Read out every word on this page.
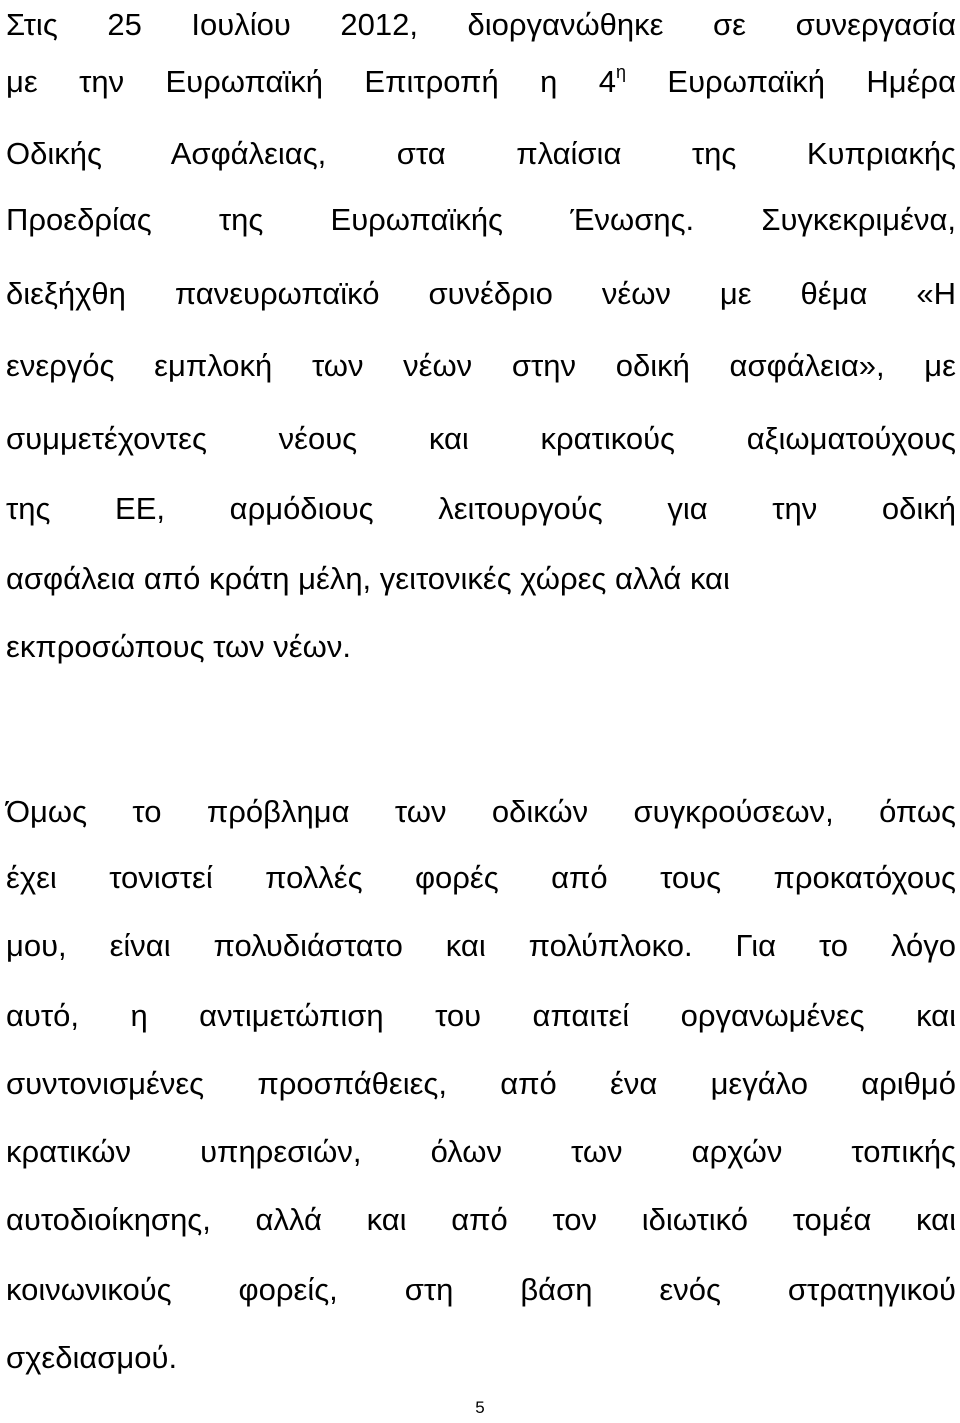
Στις 25 Ιουλίου 2012, διοργανώθηκε σε συνεργασία
με την Ευρωπαϊκή Επιτροπή η $4^\eta$ Ευρωπαϊκή Ημέρα
Οδικής Ασφάλειας, στα πλαίσια της Κυπριακής
Προεδρίας της Ευρωπαϊκής Ένωσης. Συγκεκριμένα,
διεξήχθη πανευρωπαϊκό συνέδριο νέων με θέμα «Η
ενεργός εμπλοκή των νέων στην οδική ασφάλεια», με
συμμετέχοντες νέους και κρατικούς αξιωματούχους
της ΕΕ, αρμόδιους λειτουργούς για την οδική
ασφάλεια από κράτη μέλη, γειτονικές χώρες αλλά και
εκπροσώπους των νέων.
Όμως το πρόβλημα των οδικών συγκρούσεων, όπως
έχει τονιστεί πολλές φορές από τους προκατόχους
μου, είναι πολυδιάστατο και πολύπλοκο. Για το λόγο
αυτό, η αντιμετώπιση του απαιτεί οργανωμένες και
συντονισμένες προσπάθειες, από ένα μεγάλο αριθμό
κρατικών υπηρεσιών, όλων των αρχών τοπικής
αυτοδιοίκησης, αλλά και από τον ιδιωτικό τομέα και
κοινωνικούς φορείς, στη βάση ενός στρατηγικού
σχεδιασμού.
5
